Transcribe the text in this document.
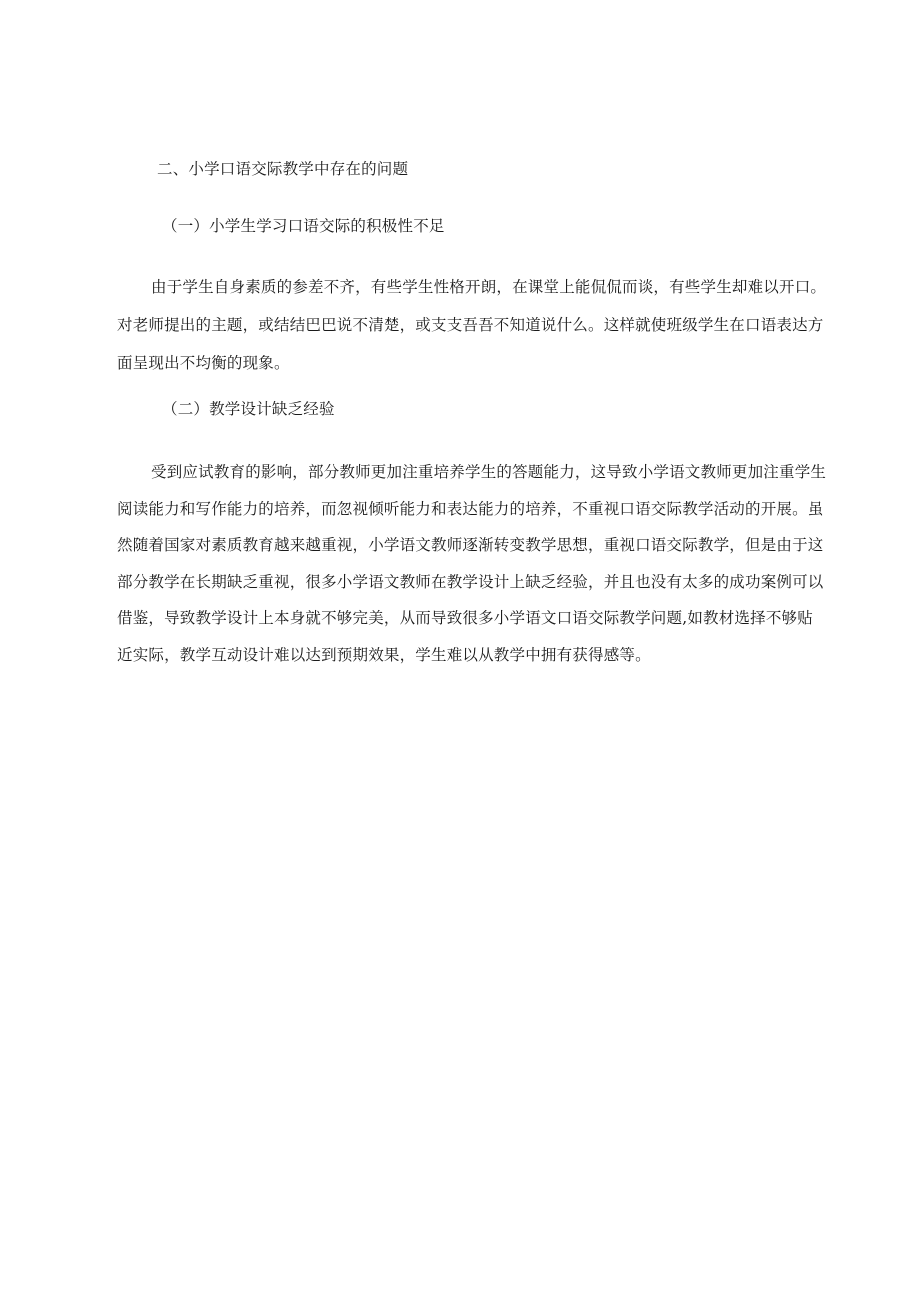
二、小学口语交际教学中存在的问题
（一）小学生学习口语交际的积极性不足
由于学生自身素质的参差不齐，有些学生性格开朗，在课堂上能侃侃而谈，有些学生却难以开口。
对老师提出的主题，或结结巴巴说不清楚，或支支吾吾不知道说什么。这样就使班级学生在口语表达方
面呈现出不均衡的现象。
（二）教学设计缺乏经验
受到应试教育的影响，部分教师更加注重培养学生的答题能力，这导致小学语文教师更加注重学生
阅读能力和写作能力的培养，而忽视倾听能力和表达能力的培养，不重视口语交际教学活动的开展。虽
然随着国家对素质教育越来越重视，小学语文教师逐渐转变教学思想，重视口语交际教学，但是由于这
部分教学在长期缺乏重视，很多小学语文教师在教学设计上缺乏经验，并且也没有太多的成功案例可以
借鉴，导致教学设计上本身就不够完美，从而导致很多小学语文口语交际教学问题,如教材选择不够贴
近实际，教学互动设计难以达到预期效果，学生难以从教学中拥有获得感等。
